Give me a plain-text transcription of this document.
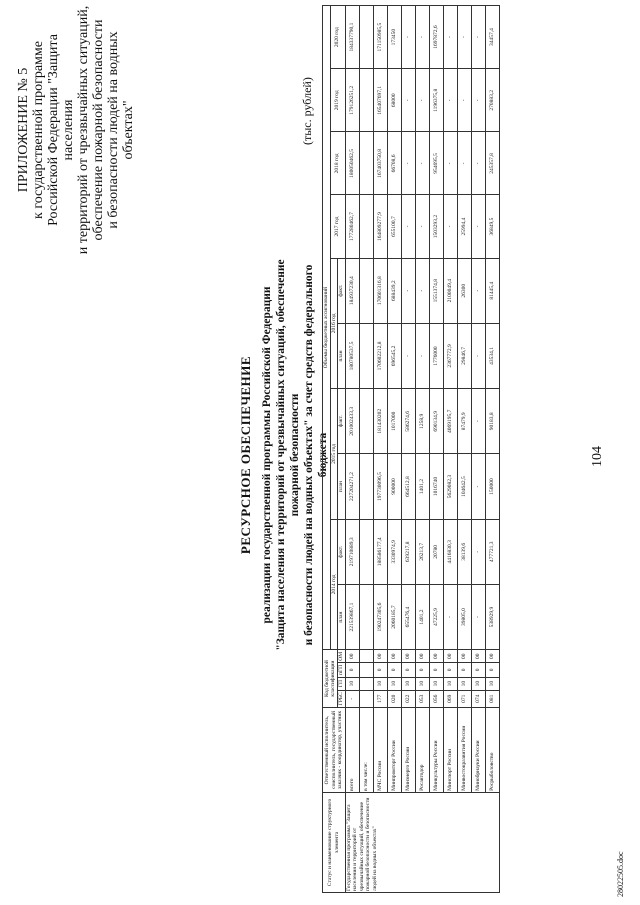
104
28022505.doc
ПРИЛОЖЕНИЕ № 5 к государственной программе Российской Федерации "Защита населения и территорий от чрезвычайных ситуаций, обеспечение пожарной безопасности и безопасности людей на водных объектах"
РЕСУРСНОЕ ОБЕСПЕЧЕНИЕ реализации государственной программы Российской Федерации "Защита населения и территорий от чрезвычайных ситуаций, обеспечение пожарной безопасности и безопасности людей на водных объектах" за счет средств федерального бюджета
(тыс. рублей)
Статус и наименование структурного элемента	Ответственный исполнитель, соисполнитель, государственный заказчик - координатор, участник	Код бюджетной классификации				Объемы бюджетных ассигнований									
						2014 год		2015 год		2016 год		2017 год	2018 год	2019 год	2020 год
		ГРБС	ГП	пГП	ОМ	план	факт.	план	факт.	план	факт.				
Государственная программа "Защита населения и территорий от чрезвычайных ситуаций, обеспечение пожарной безопасности и безопасности людей на водных объектах"	всего	-	10	0	00	221539867,1	219710889,3	227204271,2	201002433,3	180780537,5	184937230,4	177280462,7	180050462,5	179126251,2	184337790,1
	в том числе:														
	МЧС России	177	10	0	00	190247305,6	188586177,4	197730096,5	181430202	170602212,8	170601316,8	164809277,9	167403750,8	165407697,1	171150985,5
	Минпромторг России	020	10	0	00	2060185,7	3330974,9	900000	1017000	696545,2	688439,2	655100,7	66708,6	68000	173450
	Минэнерго России	022	10	0	00	655476,4	639217,8	664512,8	586274,6	-	-	-	-	-	-
	Росавтодор	053	10	0	00	1401,2	26213,7	1401,2	1258,9	-	-	-	-	-	-
	Минкультуры России	056	10	0	00	47225,9	20780	1016740	690134,9	1776000	1551374,8	1503293,2	954695,5	1196375,8	1697872,6
	Минспорт России	069	10	0	00	-	4416830,3	5629082,3	4069195,7	2367772,9	2100049,4	-	-	-	-
	Минвостокразвития России	071	10	0	00	39805,0	38139,6	104642,5	87479,9	29846,7	26300	25994,4	-	-	-
	Минобрнауки России	074	10	0	00	-	-	-	-	-	-	-	-	-	-
	Росрыболовство	081	10	0	00	538929,9	477721,3	150000	90183,8	43534,1	81445,4	36849,5	245357,8	270883,2	34457,4
